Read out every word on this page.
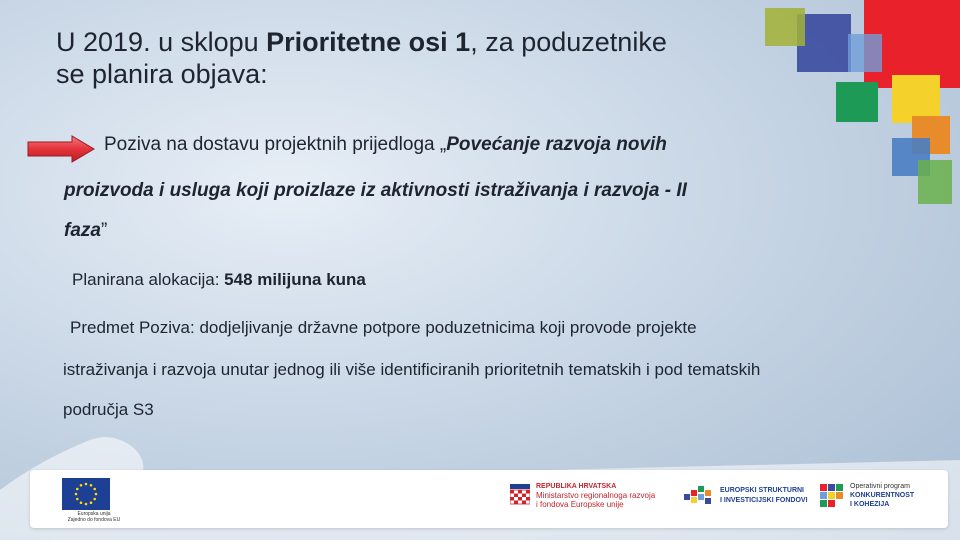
U 2019. u sklopu Prioritetne osi 1, za poduzetnike
se planira objava:
Poziva na dostavu projektnih prijedloga „Povećanje razvoja novih
proizvoda i usluga koji proizlaze iz aktivnosti istraživanja i razvoja - II
faza”
Planirana alokacija: 548 milijuna kuna
Predmet Poziva: dodjeljivanje državne potpore poduzetnicima koji provode projekte
istraživanja i razvoja unutar jednog ili više identificiranih prioritetnih tematskih i pod tematskih
područja S3
Europska unija
Zajedno do fondova EU
REPUBLIKA HRVATSKA
Ministarstvo regionalnoga razvoja
i fondova Europske unije
EUROPSKI STRUKTURNI
I INVESTICIJSKI FONDOVI
Operativni program
KONKURENTNOST
I KOHEZIJA
